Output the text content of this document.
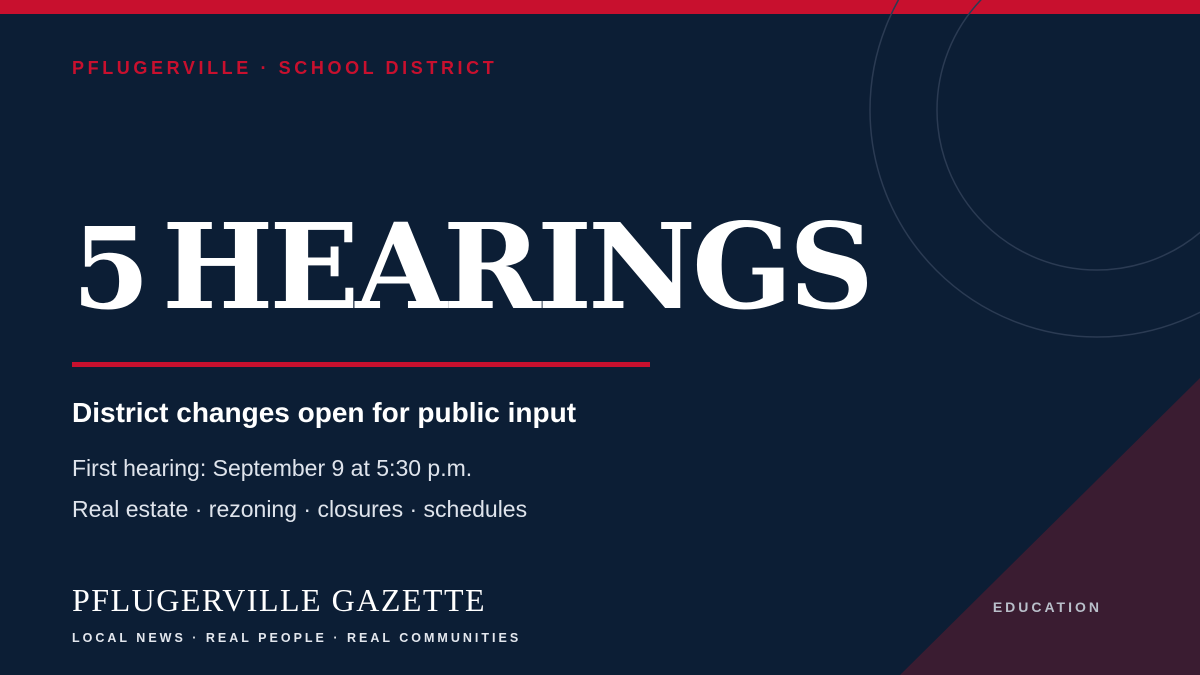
PFLUGERVILLE · SCHOOL DISTRICT
5 HEARINGS
District changes open for public input
First hearing: September 9 at 5:30 p.m.
Real estate · rezoning · closures · schedules
PFLUGERVILLE GAZETTE
LOCAL NEWS · REAL PEOPLE · REAL COMMUNITIES
EDUCATION
